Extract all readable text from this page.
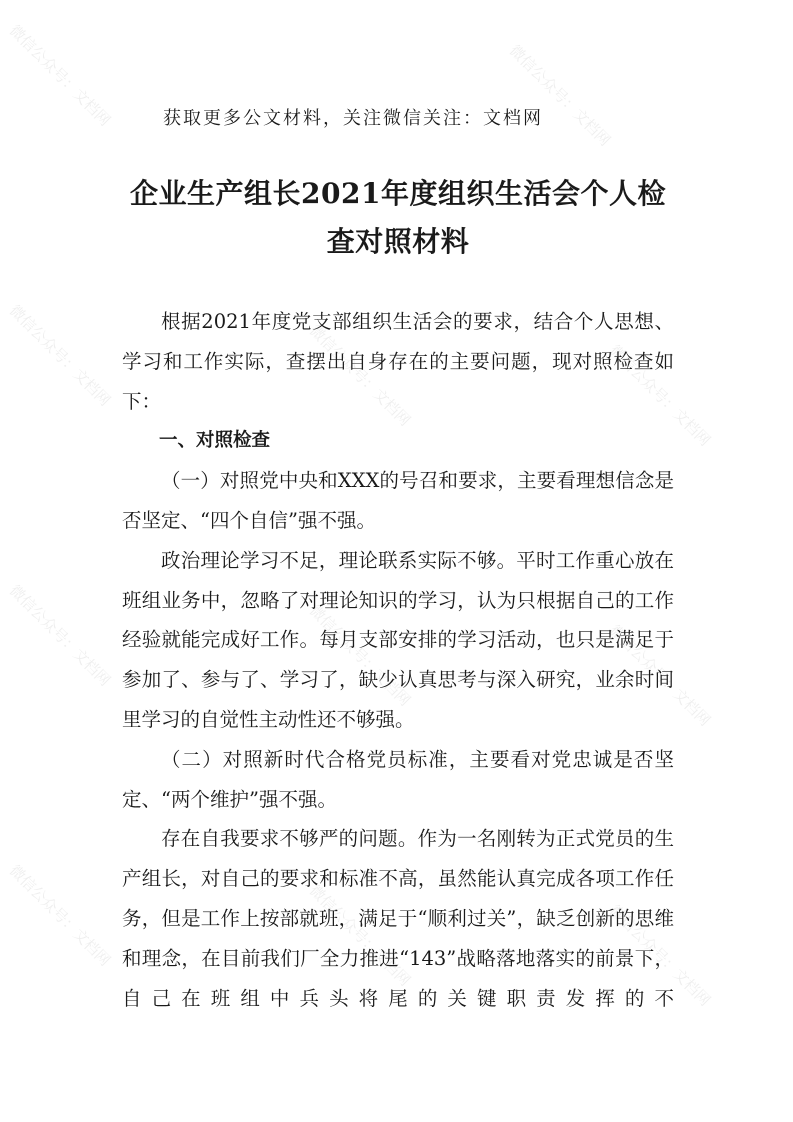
微信公众号：文档网	微信公众号：文档网
微信公众号：文档网	微信公众号：文档网	微信公众号：文档网
微信公众号：文档网	微信公众号：文档网	微信公众号：文档网
微信公众号：文档网	微信公众号：文档网	微信公众号：文档网
获取更多公文材料，关注微信关注：文档网
企业生产组长2021年度组织生活会个人检查对照材料

根据2021年度党支部组织生活会的要求，结合个人思想、学习和工作实际，查摆出自身存在的主要问题，现对照检查如下：

一、对照检查

（一）对照党中央和XXX的号召和要求，主要看理想信念是否坚定、“四个自信”强不强。

政治理论学习不足，理论联系实际不够。平时工作重心放在班组业务中，忽略了对理论知识的学习，认为只根据自己的工作经验就能完成好工作。每月支部安排的学习活动，也只是满足于参加了、参与了、学习了，缺少认真思考与深入研究，业余时间里学习的自觉性主动性还不够强。

（二）对照新时代合格党员标准，主要看对党忠诚是否坚定、“两个维护”强不强。

存在自我要求不够严的问题。作为一名刚转为正式党员的生产组长，对自己的要求和标准不高，虽然能认真完成各项工作任务，但是工作上按部就班，满足于“顺利过关”，缺乏创新的思维和理念，在目前我们厂全力推进“143”战略落地落实的前景下，自己在班组中兵头将尾的关键职责发挥的不
